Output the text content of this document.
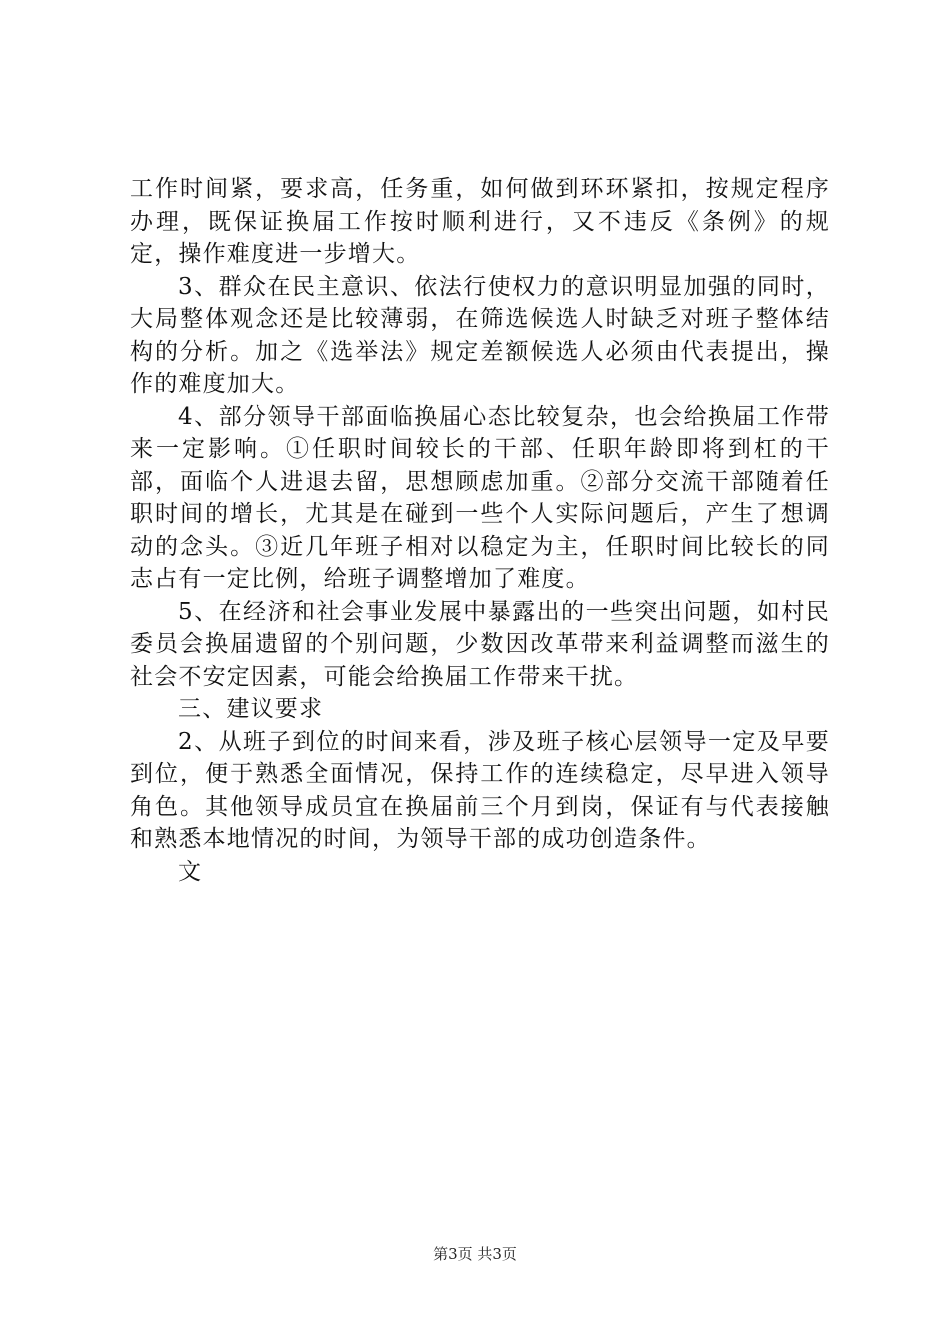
工作时间紧，要求高，任务重，如何做到环环紧扣，按规定程序办理，既保证换届工作按时顺利进行，又不违反《条例》的规定，操作难度进一步增大。

3、群众在民主意识、依法行使权力的意识明显加强的同时，大局整体观念还是比较薄弱，在筛选候选人时缺乏对班子整体结构的分析。加之《选举法》规定差额候选人必须由代表提出，操作的难度加大。

4、部分领导干部面临换届心态比较复杂，也会给换届工作带来一定影响。①任职时间较长的干部、任职年龄即将到杠的干部，面临个人进退去留，思想顾虑加重。②部分交流干部随着任职时间的增长，尤其是在碰到一些个人实际问题后，产生了想调动的念头。③近几年班子相对以稳定为主，任职时间比较长的同志占有一定比例，给班子调整增加了难度。

5、在经济和社会事业发展中暴露出的一些突出问题，如村民委员会换届遗留的个别问题，少数因改革带来利益调整而滋生的社会不安定因素，可能会给换届工作带来干扰。

三、建议要求

2、从班子到位的时间来看，涉及班子核心层领导一定及早要到位，便于熟悉全面情况，保持工作的连续稳定，尽早进入领导角色。其他领导成员宜在换届前三个月到岗，保证有与代表接触和熟悉本地情况的时间，为领导干部的成功创造条件。

文

第3页 共3页
